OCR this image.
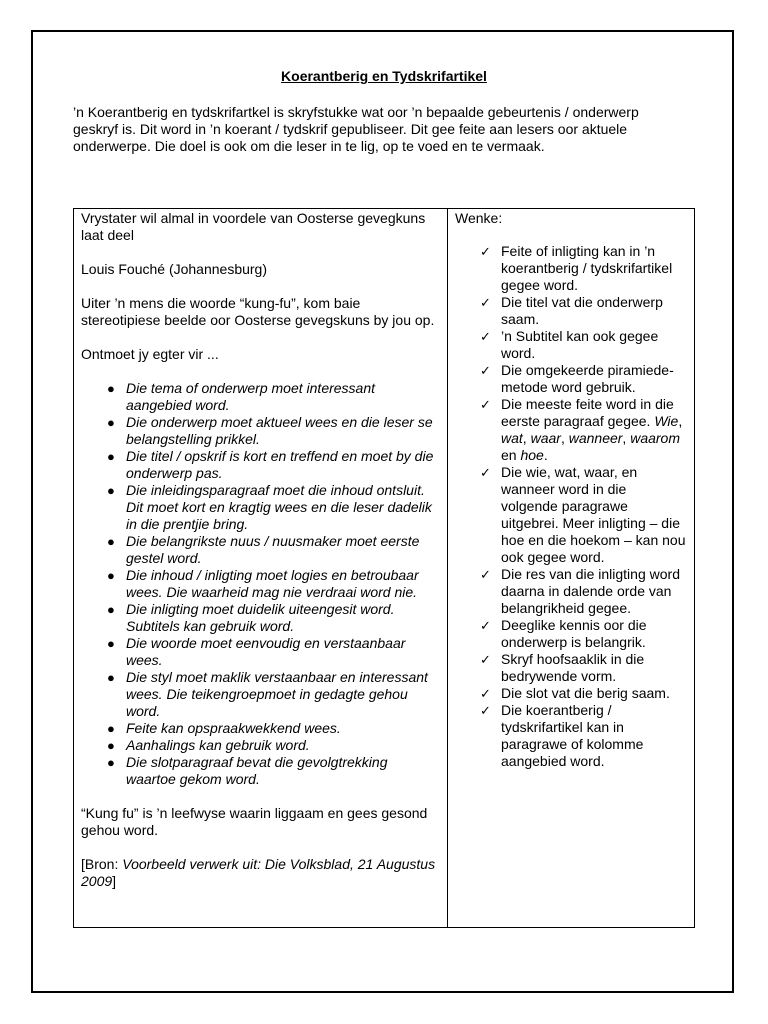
Koerantberig en Tydskrifartikel
’n Koerantberig en tydskrifartkel is skryfstukke wat oor ’n bepaalde gebeurtenis / onderwerp geskryf is. Dit word in ’n koerant / tydskrif gepubliseer. Dit gee feite aan lesers oor aktuele onderwerpe. Die doel is ook om die leser in te lig, op te voed en te vermaak.

Vrystater wil almal in voordele van Oosterse gevegkuns laat deel

Louis Fouché (Johannesburg)

Uiter ’n mens die woorde “kung-fu”, kom baie stereotipiese beelde oor Oosterse gevegskuns by jou op.

Ontmoet jy egter vir ...

● Die tema of onderwerp moet interessant aangebied word.
● Die onderwerp moet aktueel wees en die leser se belangstelling prikkel.
● Die titel / opskrif is kort en treffend en moet by die onderwerp pas.
● Die inleidingsparagraaf moet die inhoud ontsluit. Dit moet kort en kragtig wees en die leser dadelik in die prentjie bring.
● Die belangrikste nuus / nuusmaker moet eerste gestel word.
● Die inhoud / inligting moet logies en betroubaar wees. Die waarheid mag nie verdraai word nie.
● Die inligting moet duidelik uiteengesit word. Subtitels kan gebruik word.
● Die woorde moet eenvoudig en verstaanbaar wees.
● Die styl moet maklik verstaanbaar en interessant wees. Die teikengroepmoet in gedagte gehou word.
● Feite kan opspraakwekkend wees.
● Aanhalings kan gebruik word.
● Die slotparagraaf bevat die gevolgtrekking waartoe gekom word.

“Kung fu” is ’n leefwyse waarin liggaam en gees gesond gehou word.

[Bron: Voorbeeld verwerk uit: Die Volksblad, 21 Augustus 2009]

Wenke:

✓ Feite of inligting kan in ’n koerantberig / tydskrifartikel gegee word.
✓ Die titel vat die onderwerp saam.
✓ ’n Subtitel kan ook gegee word.
✓ Die omgekeerde piramiede-metode word gebruik.
✓ Die meeste feite word in die eerste paragraaf gegee. Wie, wat, waar, wanneer, waarom en hoe.
✓ Die wie, wat, waar, en wanneer word in die volgende paragrawe uitgebrei. Meer inligting – die hoe en die hoekom – kan nou ook gegee word.
✓ Die res van die inligting word daarna in dalende orde van belangrikheid gegee.
✓ Deeglike kennis oor die onderwerp is belangrik.
✓ Skryf hoofsaaklik in die bedrywende vorm.
✓ Die slot vat die berig saam.
✓ Die koerantberig / tydskrifartikel kan in paragrawe of kolomme aangebied word.
